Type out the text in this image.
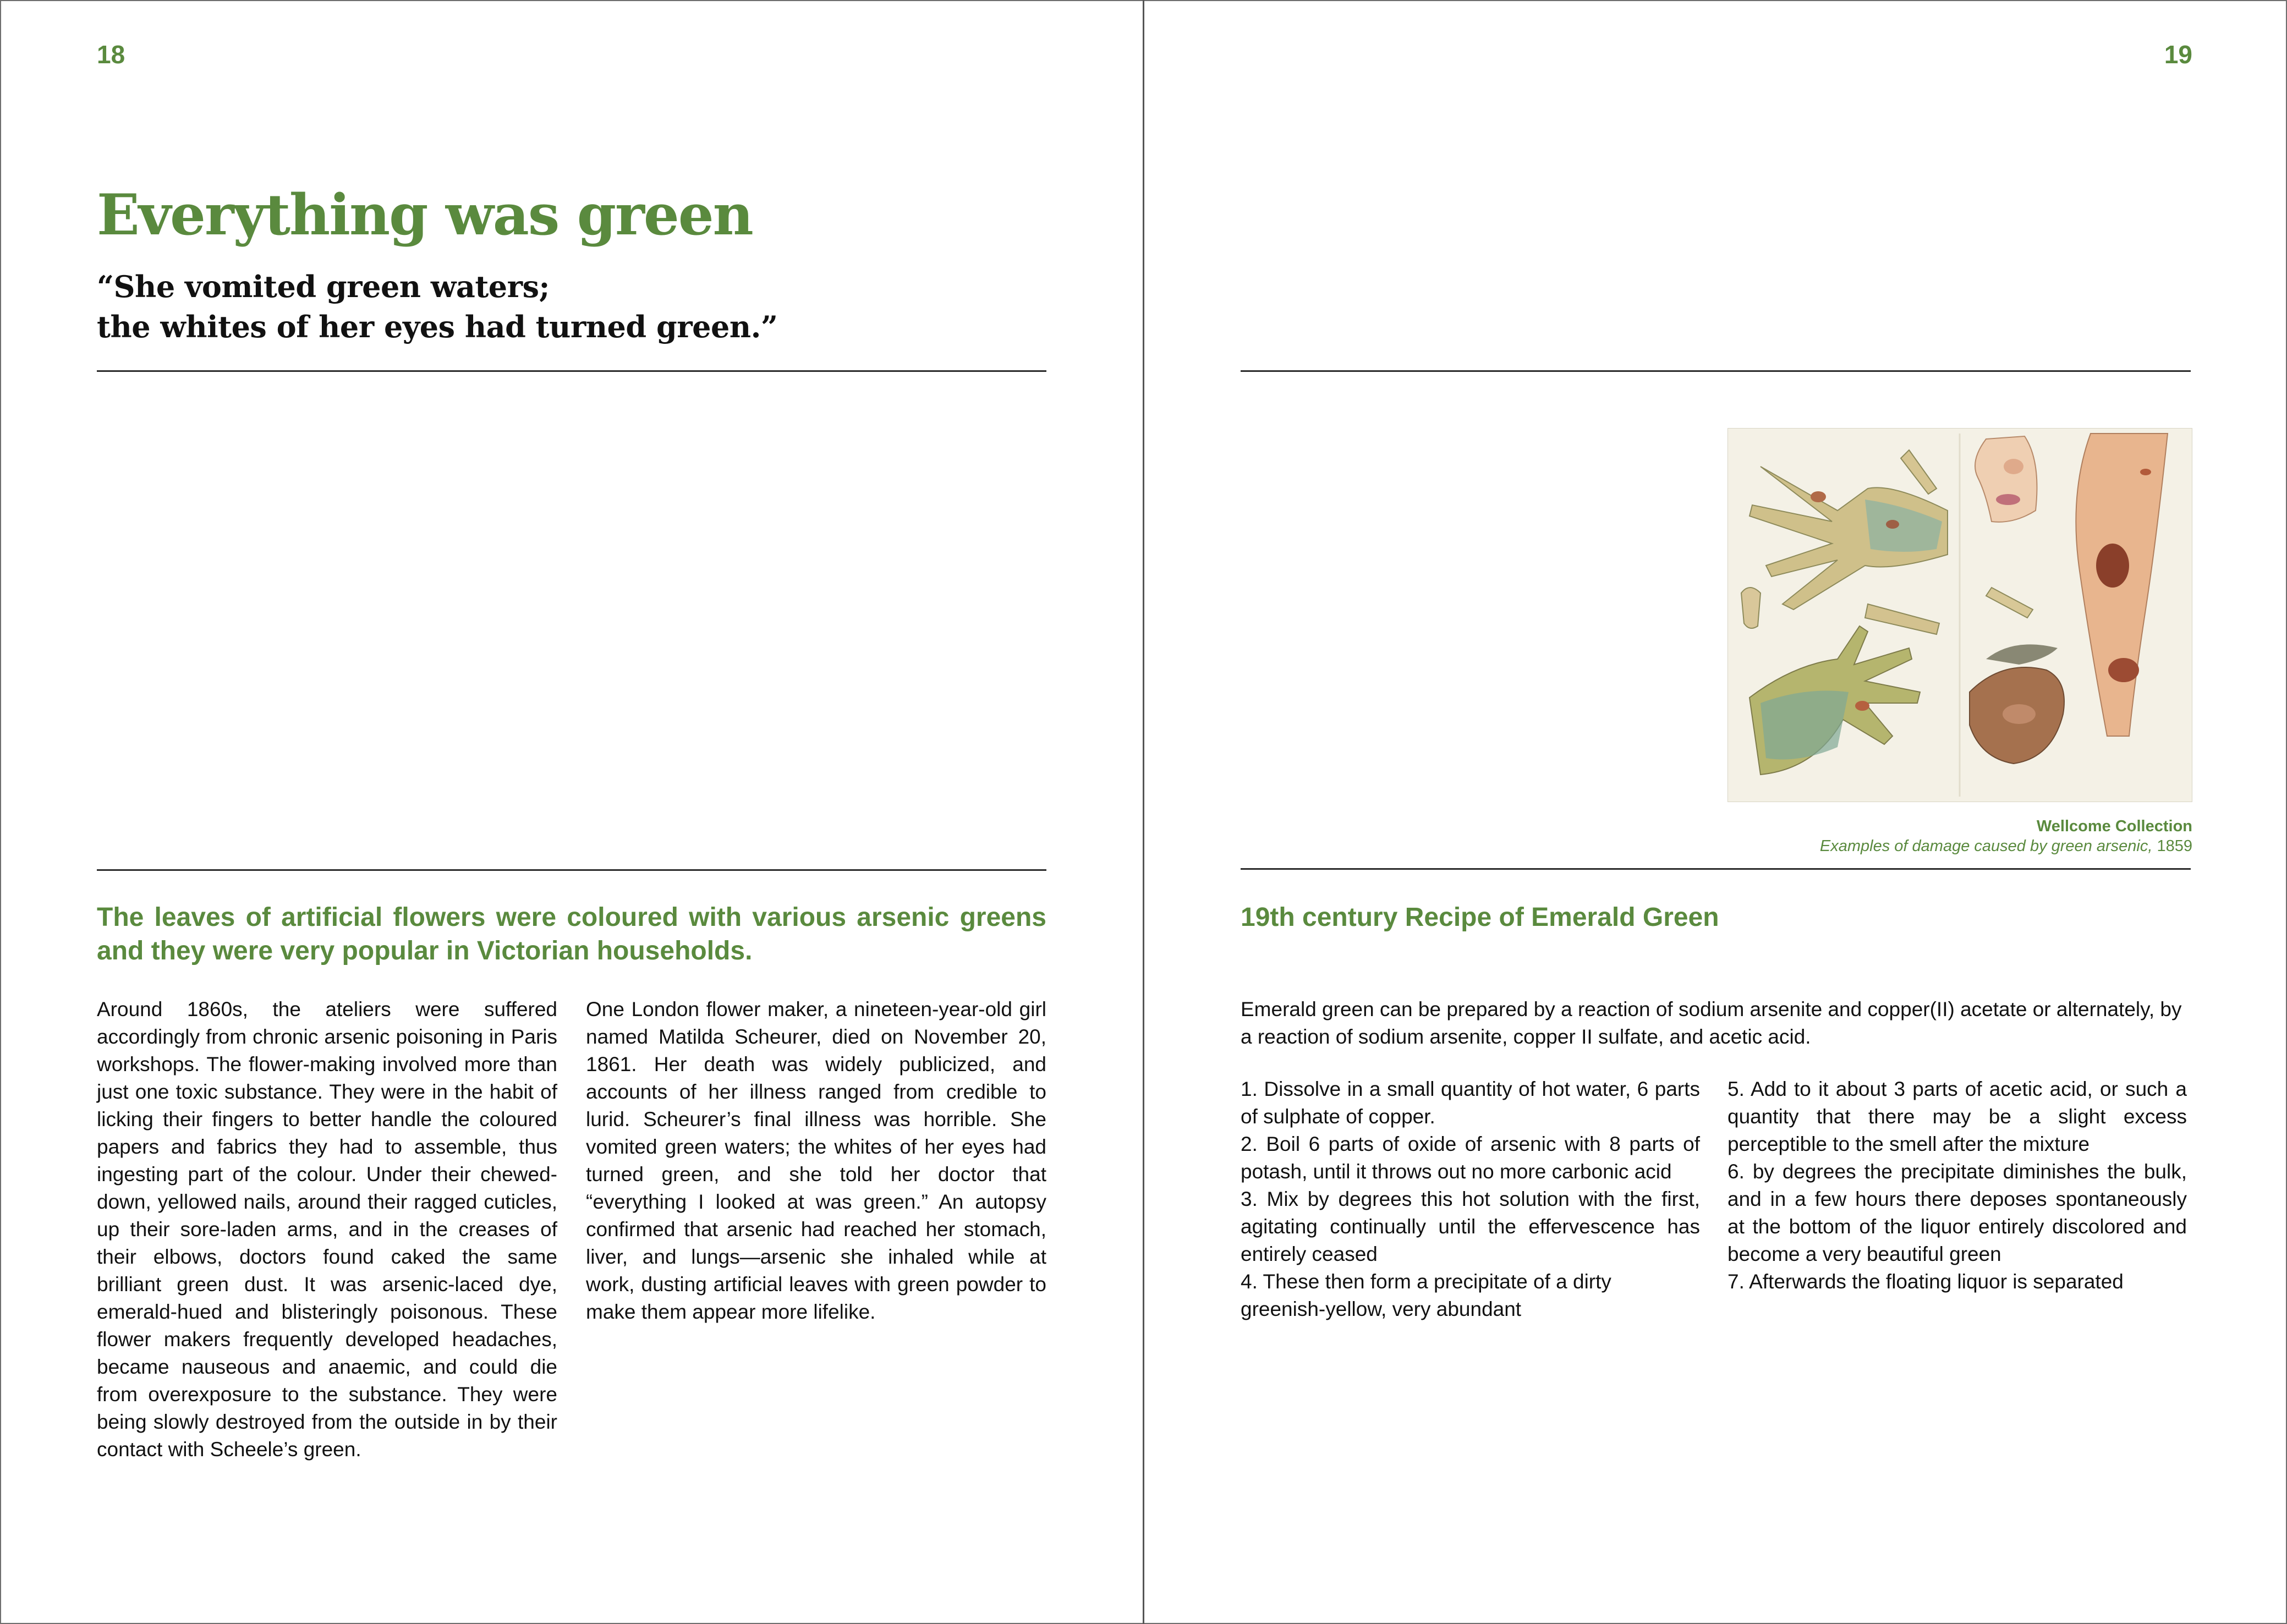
18
Everything was green
“She vomited green waters;
the whites of her eyes had turned green.”
The leaves of artificial flowers were coloured with various arsenic greens and they were very popular in Victorian households.

Around 1860s, the ateliers were suffered accordingly from chronic arsenic poisoning in Paris workshops. The flower-making involved more than just one toxic substance. They were in the habit of licking their fingers to better handle the coloured papers and fabrics they had to assemble, thus ingesting part of the colour. Under their chewed-down, yellowed nails, around their ragged cuticles, up their sore-laden arms, and in the creases of their elbows, doctors found caked the same brilliant green dust. It was arsenic-laced dye, emerald-hued and blisteringly poisonous. These flower makers frequently developed headaches, became nauseous and anaemic, and could die from overexposure to the substance. They were being slowly destroyed from the outside in by their contact with Scheele’s green.

One London flower maker, a nineteen-year-old girl named Matilda Scheurer, died on November 20, 1861. Her death was widely publicized, and accounts of her illness ranged from credible to lurid. Scheurer’s final illness was horrible. She vomited green waters; the whites of her eyes had turned green, and she told her doctor that “everything I looked at was green.” An autopsy confirmed that arsenic had reached her stomach, liver, and lungs—arsenic she inhaled while at work, dusting artificial leaves with green powder to make them appear more lifelike.

19
Wellcome Collection
Examples of damage caused by green arsenic, 1859
19th century Recipe of Emerald Green

Emerald green can be prepared by a reaction of sodium arsenite and copper(II) acetate or alternately, by a reaction of sodium arsenite, copper II sulfate, and acetic acid.

1. Dissolve in a small quantity of hot water, 6 parts of sulphate of copper.

2. Boil 6 parts of oxide of arsenic with 8 parts of potash, until it throws out no more carbonic acid

3. Mix by degrees this hot solution with the first, agitating continually until the effervescence has entirely ceased

4. These then form a precipitate of a dirty greenish-yellow, very abundant

5. Add to it about 3 parts of acetic acid, or such a quantity that there may be a slight excess perceptible to the smell after the mixture

6. by degrees the precipitate diminishes the bulk, and in a few hours there deposes spontaneously at the bottom of the liquor entirely discolored and become a very beautiful green

7. Afterwards the floating liquor is separated
